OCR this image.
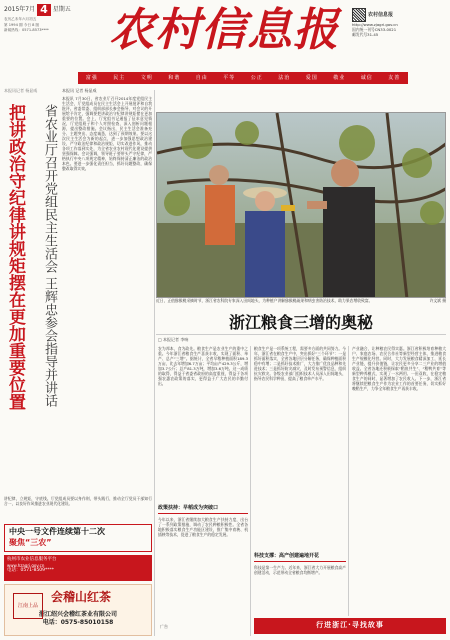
2015年7月 4 星期五
农历乙未年六月初五
第 1994 期 今日 8 版
新闻热线：0571-8573****	农村信息报	农村信息报
http://www.zjagri.gov.cn
国内统一刊号CN33-0021
邮发代号31-45
富强	民主	文明	和谐	自由	平等	公正	法治	爱国	敬业	诚信	友善
本报讯记者 杨显威
把讲政治守纪律讲规矩摆在更加重要位置	省农业厅召开党组民主生活会 王辉忠参会指导并讲话
本报讯 记者 杨显威
本报讯 7月30日，省农业厅召开2014年度党组民主生活会，厅党组成员在民主生活会上开展批评和自我批评。省委常委、组织部部长参会指导，对会议的开展给予肯定，强调要把讲政治守纪律讲规矩摆在更加重要的位置。会上，厅党组书记通报了征求意见情况，厅党组班子和个人对照检查，深入剖析问题根源，提出整改措施。会议指出，民主生活会准备充分、主题突出、态度诚恳，达到了预期效果。要以这次民主生活会为新的起点，进一步加强思想政治建设，严守政治纪律和政治规矩，切实改进作风，推动各项工作落到实处，为全省农业农村现代化建设提供坚强保障。会议强调，领导班子要带头严守纪律，严格执行中央八项规定精神，始终保持清正廉洁的政治本色。要进一步强化责任担当，抓好问题整改，确保整改取得实效。
讲纪律，立规矩，守底线。厅党组成员要以身作则，带头践行，推动全厅党员干部知行合一，以良好作风推进农业现代化建设。
中央一号文件连续第十二次
聚焦“三农”
杭州市农业信息服务平台
www.hzagri.gov.cn
电话：0571-8509****
江南上品
会稽山红茶
浙江绍兴会稽红茶业有限公司
电话：0575-85010158
近日，正值猕猴桃采摘时节，浙江省农科院专家深入田间地头，为种植户讲解猕猴桃疏果和病虫害防治技术，助力果农增收致富。	许文斌 摄
浙江粮食三增的奥秘
□ 本报记者 李响
农为邦本，食为政先。粮食生产是农业生产的重中之重。今年浙江省粮食生产喜获丰收，实现了面积、单产、总产“三增”。据统计，全省早稻种植面积189.3万亩，比去年增加6.7万亩；平均亩产429.3公斤，增加3.7公斤；总产81.3万吨，增加3.6万吨。这一成绩的取得，得益于省委省政府的高度重视，得益于各项强农惠农政策的落实，更得益于广大农民的辛勤付出。
政策扶持：早稻成为突破口
今年以来，浙江省继续加大粮食生产扶持力度，出台了一系列政策措施，调动了农民种粮积极性。全省各地积极落实粮食生产功能区建设，推广集中育秧、机插秧等技术，促进了粮食生产的稳定发展。
粮食生产是一项系统工程，需要多方面的共同努力。今年，浙江省在粮食生产中，突出抓好“三个环节”：一是抓好面积落实，全省各地层层分解任务，确保种植面积稳中有增；二是抓好技术推广，大力推广优良品种和先进技术；三是抓好防灾减灾，及时发布预警信息，组织抗灾救灾。各级农业部门组织技术人员深入田间地头，指导农民科学种田，提高了粮食单产水平。
科技支撑：高产创建遍地开花
科技是第一生产力。近年来，浙江省大力开展粮食高产创建活动，示范带动全省粮食均衡增产。
产业融合，让种粮农民得实惠。浙江省积极培育种粮大户、家庭农场、农民合作社等新型经营主体，推进粮食生产规模化经营。同时，大力发展粮食精深加工，延长产业链，提升价值链，让农民更多分享二三产业的增值收益。全省各地还积极探索“稻鱼共生”、“稻鸭共育”等新型种养模式，实现了一水两用、一田双收，在稳定粮食生产的同时，显著增加了农民收入。下一步，浙江省将继续把粮食生产作为农业工作的首要任务，切实抓好晚稻生产，力争全年粮食生产再获丰收。
行进浙江·寻找故事
广告
